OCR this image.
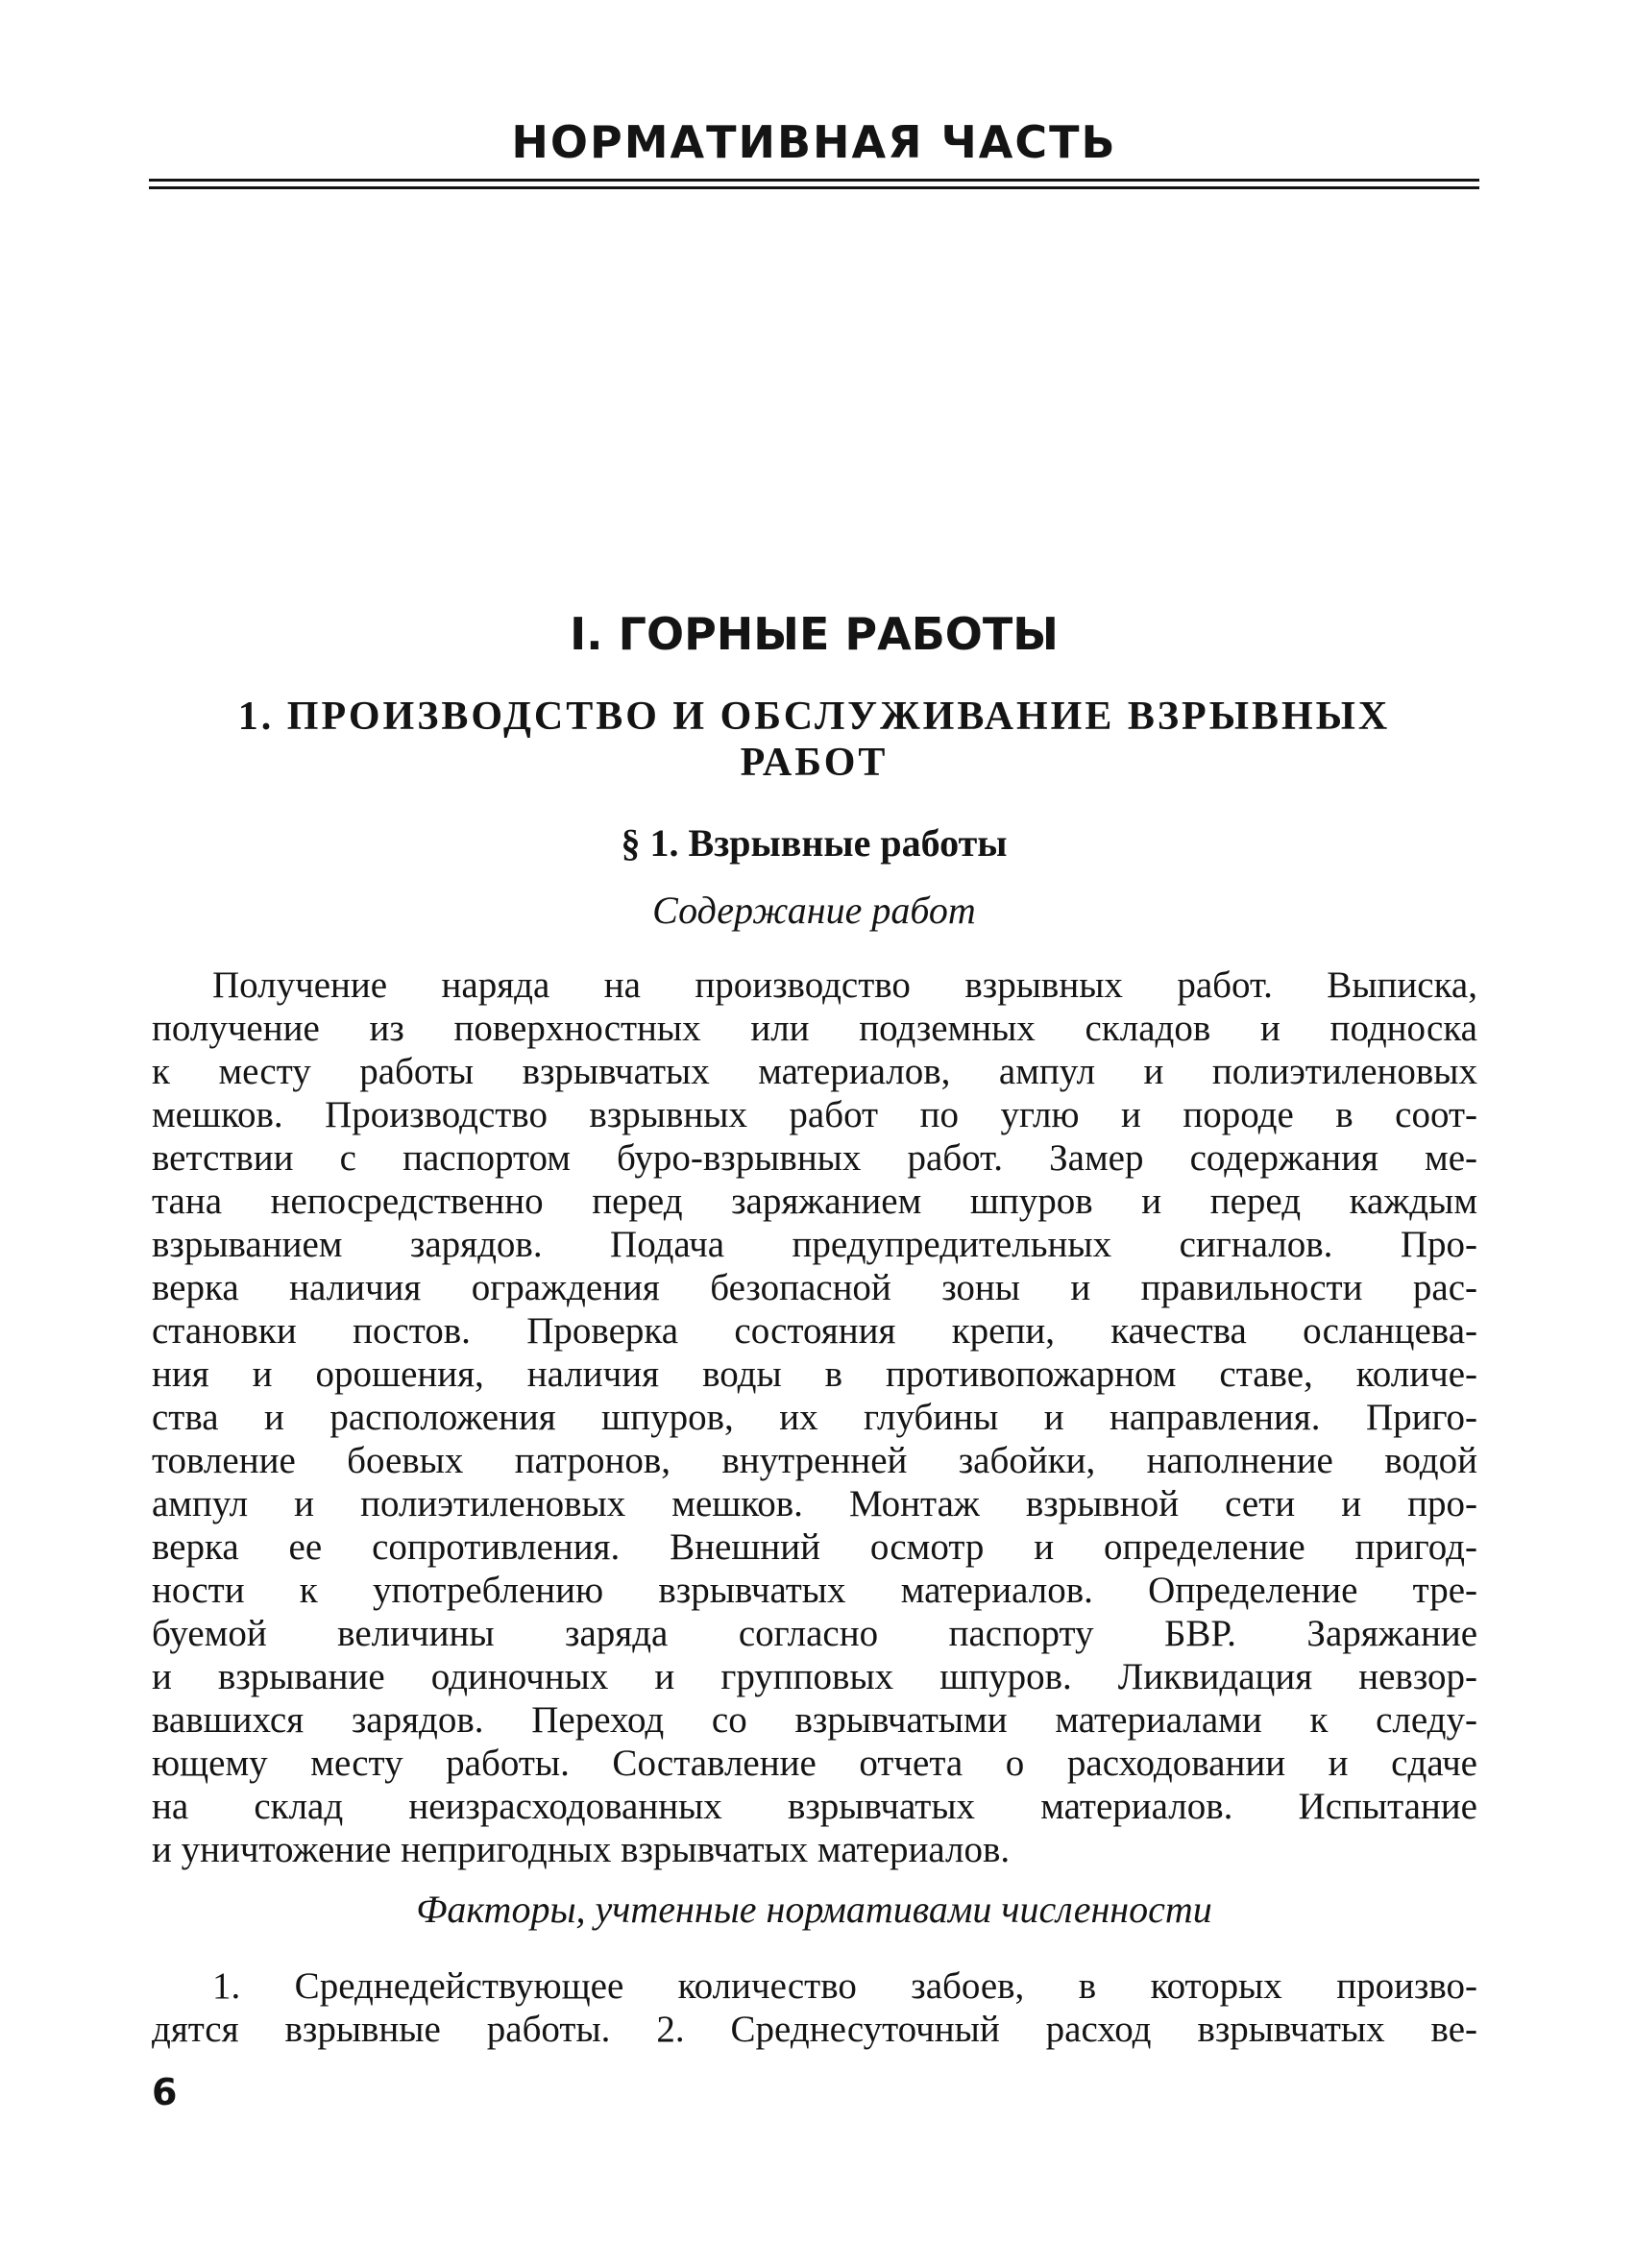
НОРМАТИВНАЯ ЧАСТЬ
I. ГОРНЫЕ РАБОТЫ
1. ПРОИЗВОДСТВО И ОБСЛУЖИВАНИЕ ВЗРЫВНЫХ
РАБОТ
§ 1. Взрывные работы
Содержание работ
Получение наряда на производство взрывных работ. Выписка,
получение из поверхностных или подземных складов и подноска
к месту работы взрывчатых материалов, ампул и полиэтиленовых
мешков. Производство взрывных работ по углю и породе в соот-
ветствии с паспортом буро-взрывных работ. Замер содержания ме-
тана непосредственно перед заряжанием шпуров и перед каждым
взрыванием зарядов. Подача предупредительных сигналов. Про-
верка наличия ограждения безопасной зоны и правильности рас-
становки постов. Проверка состояния крепи, качества осланцева-
ния и орошения, наличия воды в противопожарном ставе, количе-
ства и расположения шпуров, их глубины и направления. Приго-
товление боевых патронов, внутренней забойки, наполнение водой
ампул и полиэтиленовых мешков. Монтаж взрывной сети и про-
верка ее сопротивления. Внешний осмотр и определение пригод-
ности к употреблению взрывчатых материалов. Определение тре-
буемой величины заряда согласно паспорту БВР. Заряжание
и взрывание одиночных и групповых шпуров. Ликвидация невзор-
вавшихся зарядов. Переход со взрывчатыми материалами к следу-
ющему месту работы. Составление отчета о расходовании и сдаче
на склад неизрасходованных взрывчатых материалов. Испытание
и уничтожение непригодных взрывчатых материалов.
Факторы, учтенные нормативами численности
1. Среднедействующее количество забоев, в которых произво-
дятся взрывные работы. 2. Среднесуточный расход взрывчатых ве-
6
